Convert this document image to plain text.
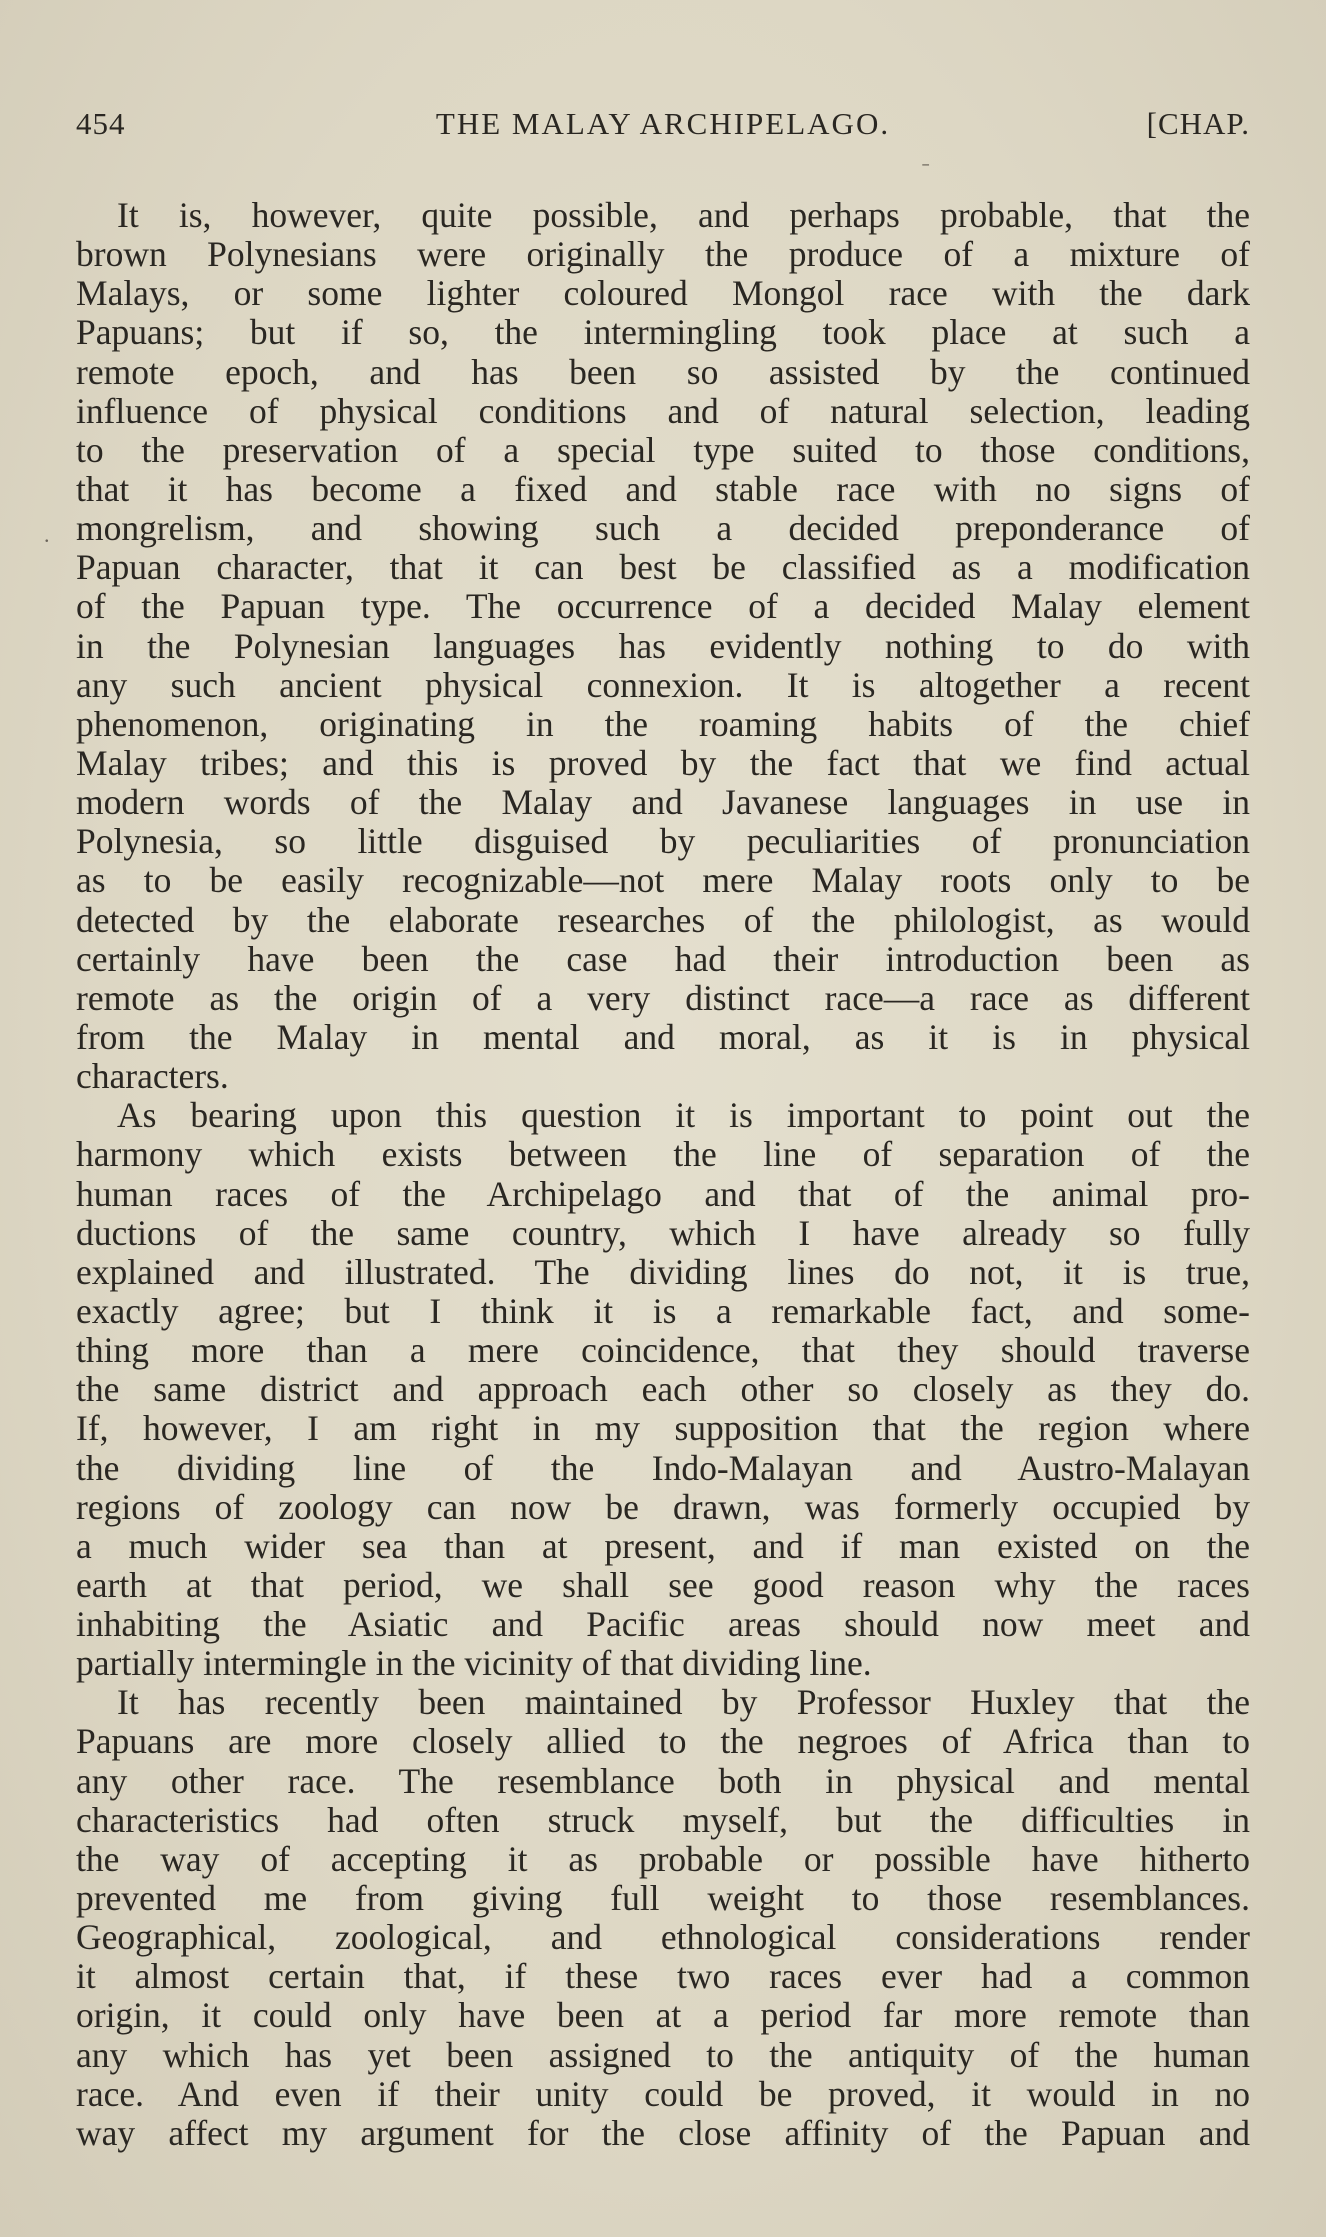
454	THE MALAY ARCHIPELAGO.	[CHAP.
ˉ
.
It is, however, quite possible, and perhaps probable, that the
brown Polynesians were originally the produce of a mixture of
Malays, or some lighter coloured Mongol race with the dark
Papuans; but if so, the intermingling took place at such a
remote epoch, and has been so assisted by the continued
influence of physical conditions and of natural selection, leading
to the preservation of a special type suited to those conditions,
that it has become a fixed and stable race with no signs of
mongrelism, and showing such a decided preponderance of
Papuan character, that it can best be classified as a modification
of the Papuan type. The occurrence of a decided Malay element
in the Polynesian languages has evidently nothing to do with
any such ancient physical connexion. It is altogether a recent
phenomenon, originating in the roaming habits of the chief
Malay tribes; and this is proved by the fact that we find actual
modern words of the Malay and Javanese languages in use in
Polynesia, so little disguised by peculiarities of pronunciation
as to be easily recognizable—not mere Malay roots only to be
detected by the elaborate researches of the philologist, as would
certainly have been the case had their introduction been as
remote as the origin of a very distinct race—a race as different
from the Malay in mental and moral, as it is in physical
characters.
As bearing upon this question it is important to point out the
harmony which exists between the line of separation of the
human races of the Archipelago and that of the animal pro-
ductions of the same country, which I have already so fully
explained and illustrated. The dividing lines do not, it is true,
exactly agree; but I think it is a remarkable fact, and some-
thing more than a mere coincidence, that they should traverse
the same district and approach each other so closely as they do.
If, however, I am right in my supposition that the region where
the dividing line of the Indo-Malayan and Austro-Malayan
regions of zoology can now be drawn, was formerly occupied by
a much wider sea than at present, and if man existed on the
earth at that period, we shall see good reason why the races
inhabiting the Asiatic and Pacific areas should now meet and
partially intermingle in the vicinity of that dividing line.
It has recently been maintained by Professor Huxley that the
Papuans are more closely allied to the negroes of Africa than to
any other race. The resemblance both in physical and mental
characteristics had often struck myself, but the difficulties in
the way of accepting it as probable or possible have hitherto
prevented me from giving full weight to those resemblances.
Geographical, zoological, and ethnological considerations render
it almost certain that, if these two races ever had a common
origin, it could only have been at a period far more remote than
any which has yet been assigned to the antiquity of the human
race. And even if their unity could be proved, it would in no
way affect my argument for the close affinity of the Papuan and
